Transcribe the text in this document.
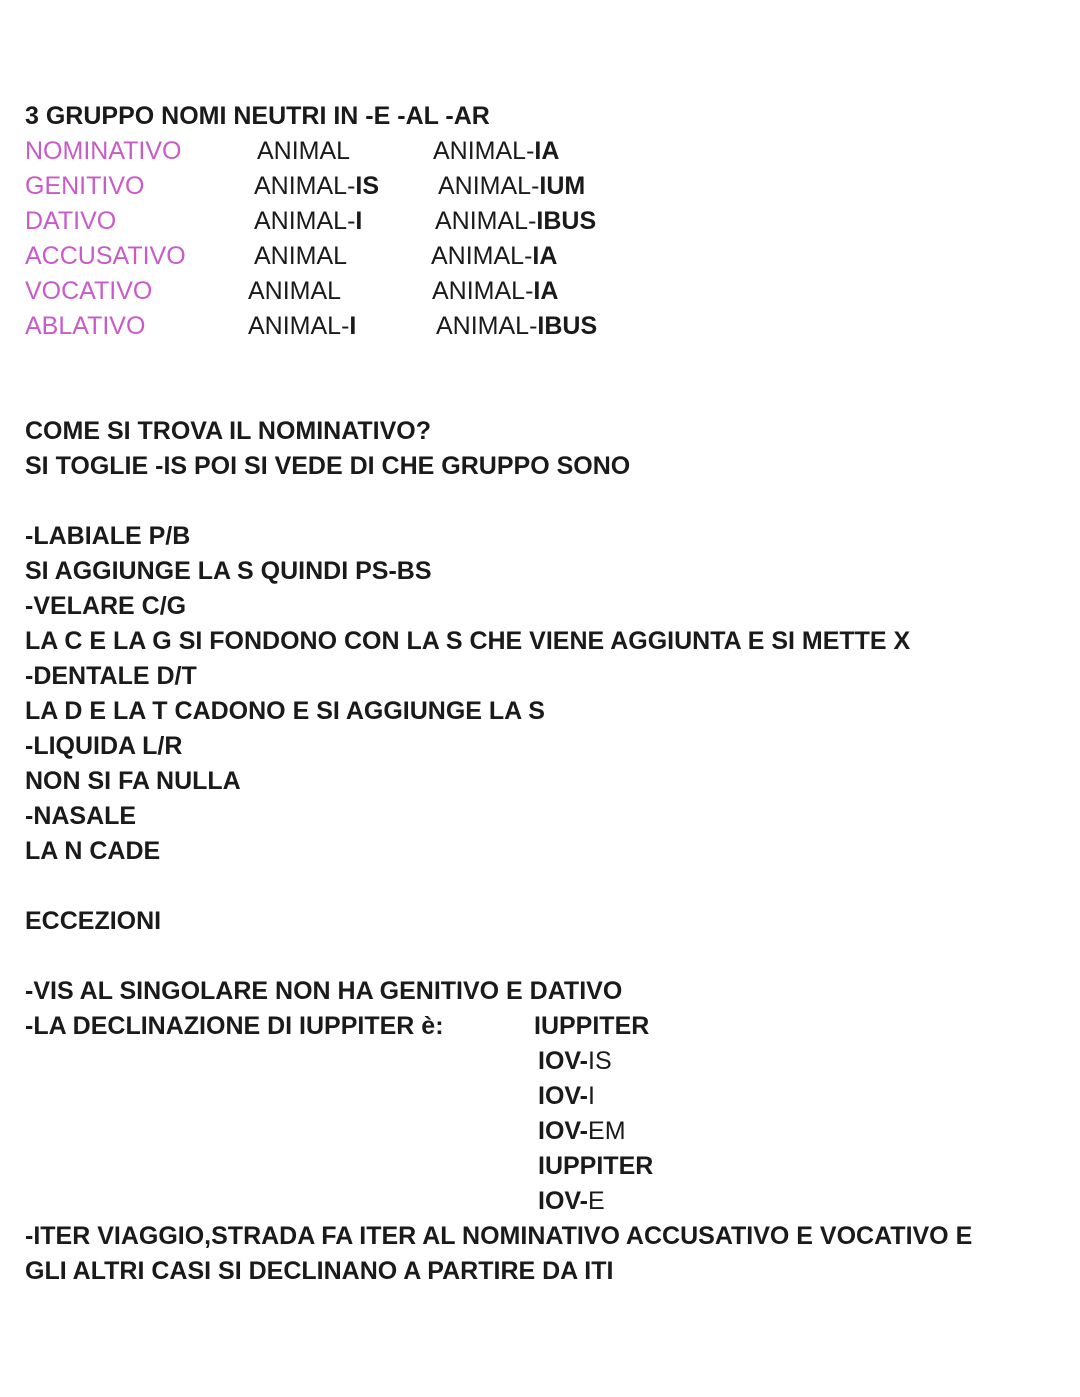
3 GRUPPO NOMI NEUTRI IN -E -AL -AR
NOMINATIVO	ANIMAL	ANIMAL-IA
GENITIVO	ANIMAL-IS ANIMAL-IUM
DATIVO	ANIMAL-I	ANIMAL-IBUS
ACCUSATIVO	ANIMAL	ANIMAL-IA
VOCATIVO	ANIMAL	ANIMAL-IA
ABLATIVO	ANIMAL-I	ANIMAL-IBUS
COME SI TROVA IL NOMINATIVO?
SI TOGLIE -IS POI SI VEDE DI CHE GRUPPO SONO
-LABIALE P/B
SI AGGIUNGE LA S QUINDI PS-BS
-VELARE C/G
LA C E LA G SI FONDONO CON LA S CHE VIENE AGGIUNTA E SI METTE X
-DENTALE D/T
LA D E LA T CADONO E SI AGGIUNGE LA S
-LIQUIDA L/R
NON SI FA NULLA
-NASALE
LA N CADE
ECCEZIONI
-VIS AL SINGOLARE NON HA GENITIVO E DATIVO
-LA DECLINAZIONE DI IUPPITER è:	IUPPITER
IOV-IS
IOV-I
IOV-EM
IUPPITER
IOV-E
-ITER VIAGGIO,STRADA FA ITER AL NOMINATIVO ACCUSATIVO E VOCATIVO E
GLI ALTRI CASI SI DECLINANO A PARTIRE DA ITI
